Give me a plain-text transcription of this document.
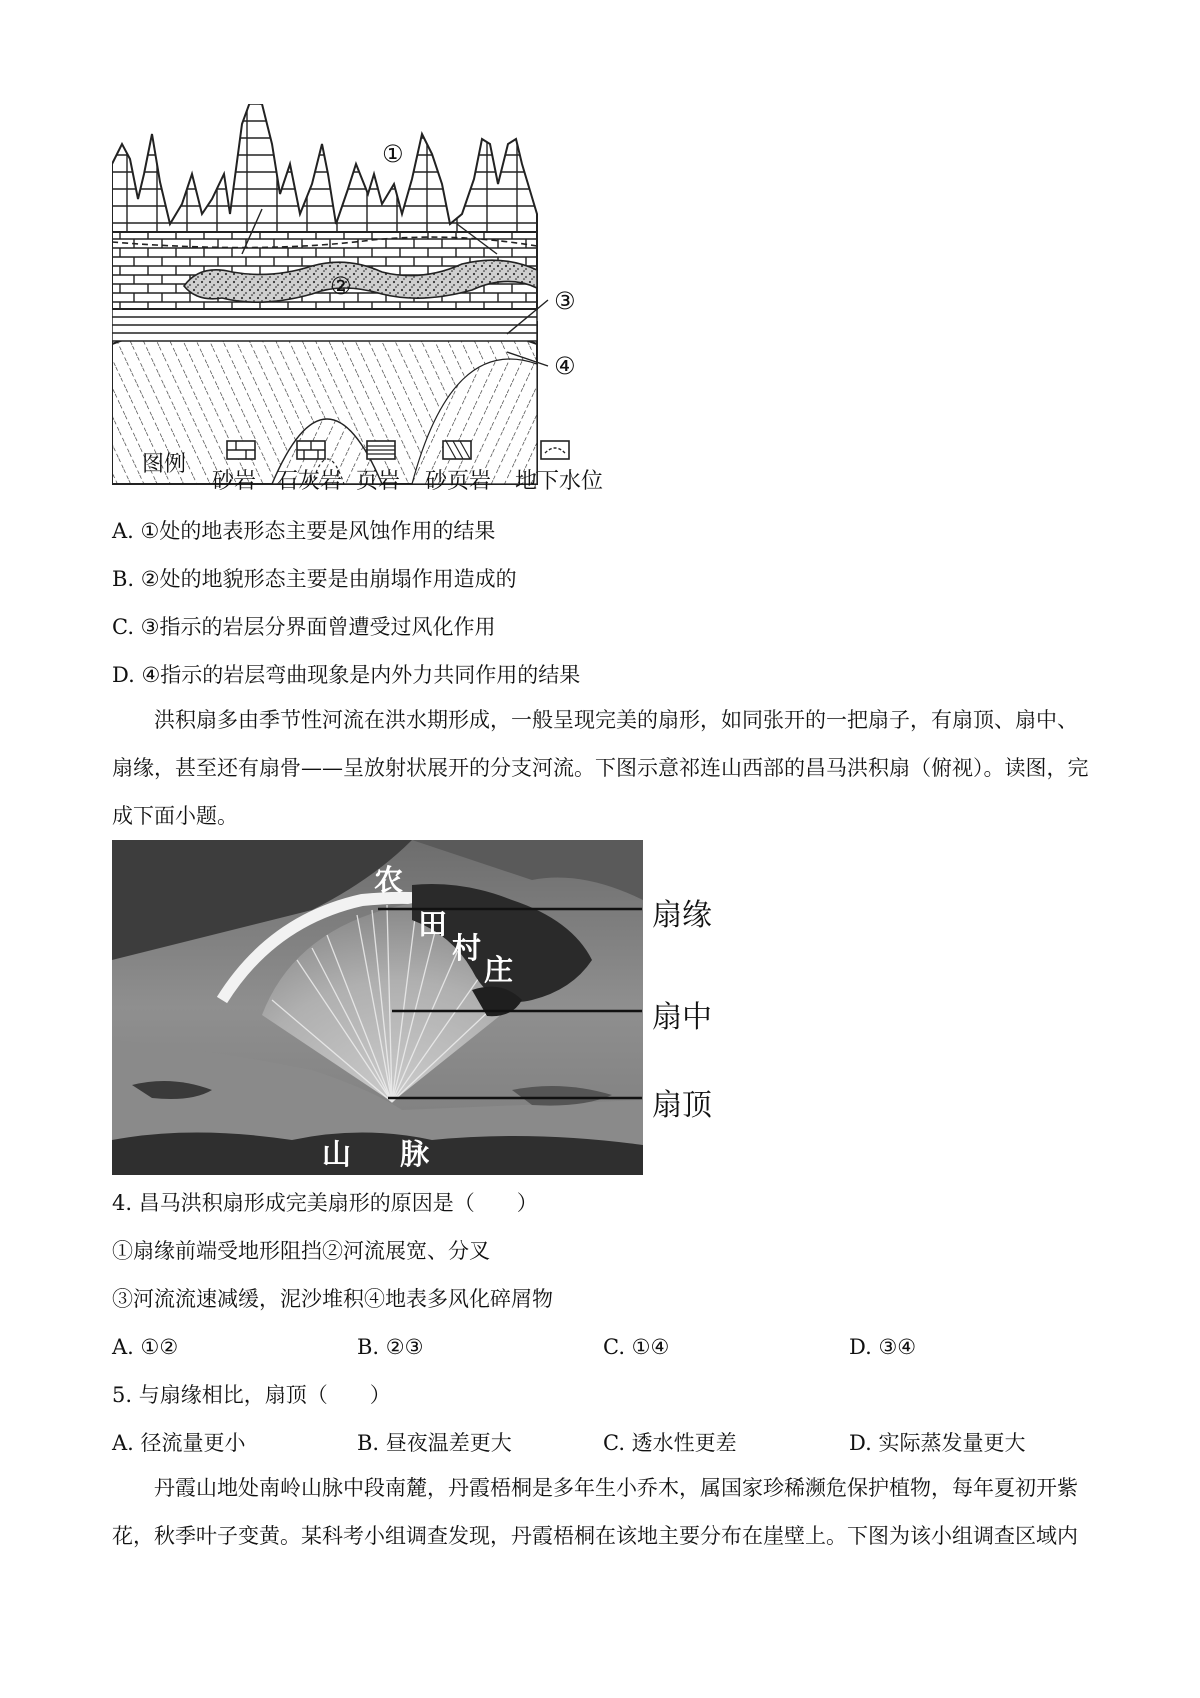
①
②
③
④
图例
砂岩 石灰岩 页岩 砂页岩 地下水位
A. ①处的地表形态主要是风蚀作用的结果
B. ②处的地貌形态主要是由崩塌作用造成的
C. ③指示的岩层分界面曾遭受过风化作用
D. ④指示的岩层弯曲现象是内外力共同作用的结果
洪积扇多由季节性河流在洪水期形成，一般呈现完美的扇形，如同张开的一把扇子，有扇顶、扇中、扇缘，甚至还有扇骨——呈放射状展开的分支河流。下图示意祁连山西部的昌马洪积扇（俯视）。读图，完成下面小题。
农
田
村
庄
山 脉
扇缘
扇中
扇顶
4. 昌马洪积扇形成完美扇形的原因是（　　）
①扇缘前端受地形阻挡②河流展宽、分叉
③河流流速减缓，泥沙堆积④地表多风化碎屑物
A. ①②	B. ②③	C. ①④	D. ③④
5. 与扇缘相比，扇顶（　　）
A. 径流量更小	B. 昼夜温差更大	C. 透水性更差	D. 实际蒸发量更大
丹霞山地处南岭山脉中段南麓，丹霞梧桐是多年生小乔木，属国家珍稀濒危保护植物，每年夏初开紫花，秋季叶子变黄。某科考小组调查发现，丹霞梧桐在该地主要分布在崖壁上。下图为该小组调查区域内
